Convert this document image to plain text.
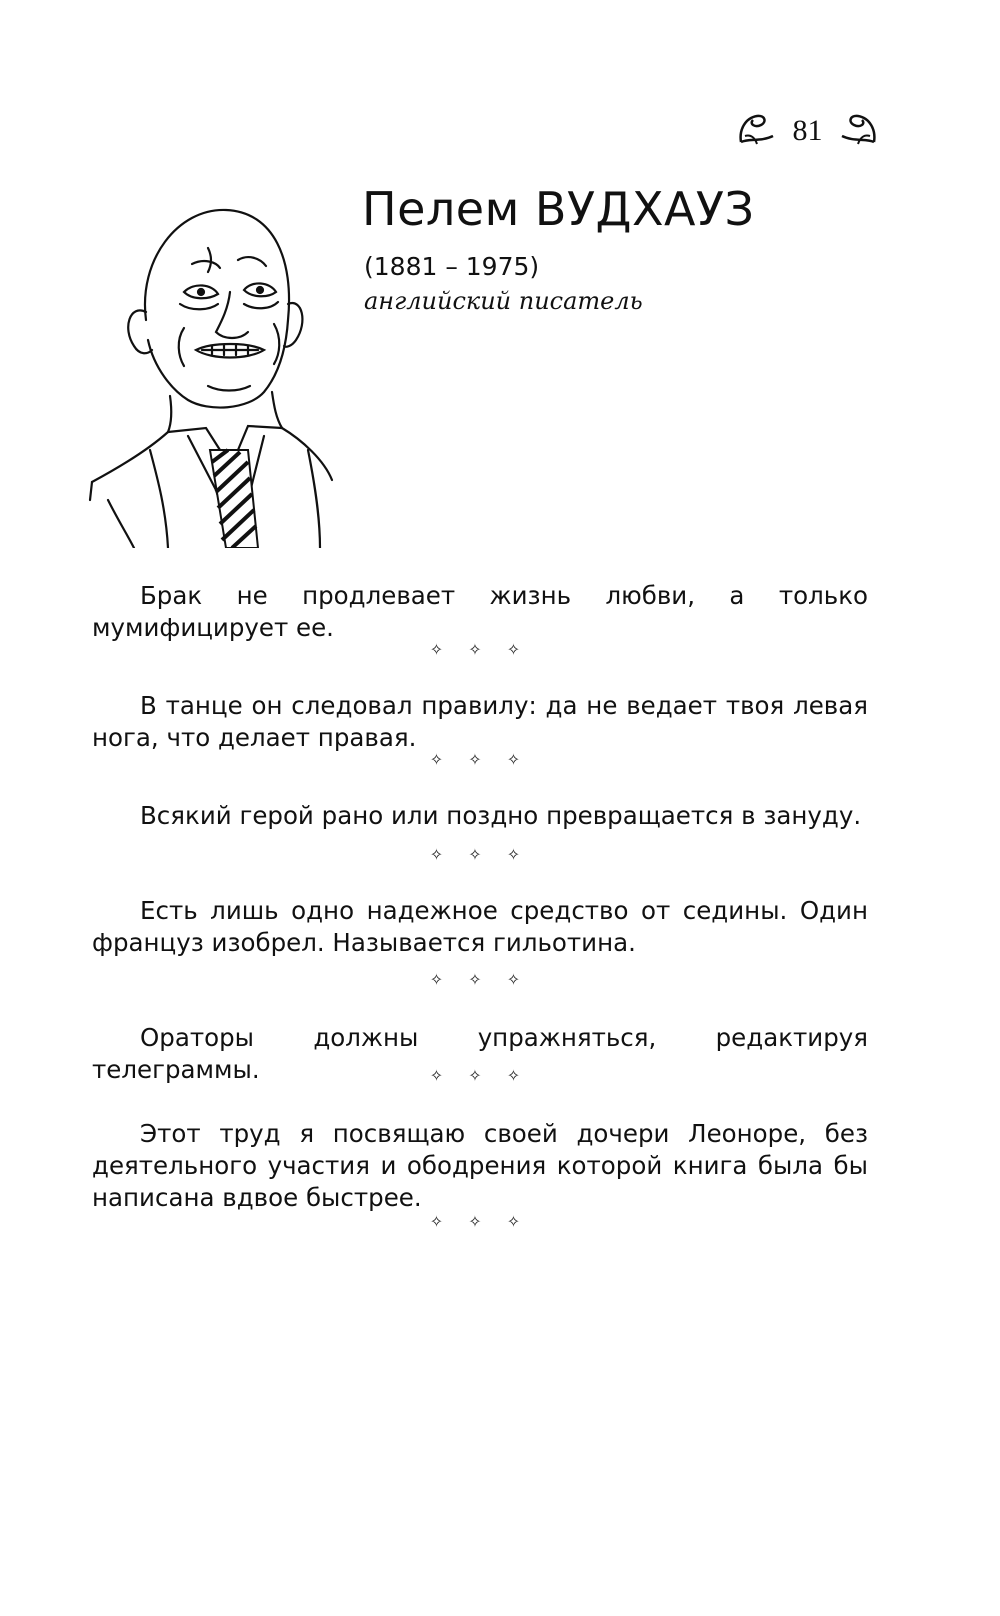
81
Пелем ВУДХАУЗ

(1881 – 1975)

английский писатель

Брак не продлевает жизнь любви, а только мумифицирует ее.

✧ ✧ ✧

В танце он следовал правилу: да не ведает твоя левая нога, что делает правая.

✧ ✧ ✧

Всякий герой рано или поздно превращается в зануду.

✧ ✧ ✧

Есть лишь одно надежное средство от седины. Один француз изобрел. Называется гильотина.

✧ ✧ ✧

Ораторы должны упражняться, редактируя телеграммы.	✧ ✧ ✧

Этот труд я посвящаю своей дочери Леоноре, без деятельного участия и ободрения которой книга была бы написана вдвое быстрее.

✧ ✧ ✧
